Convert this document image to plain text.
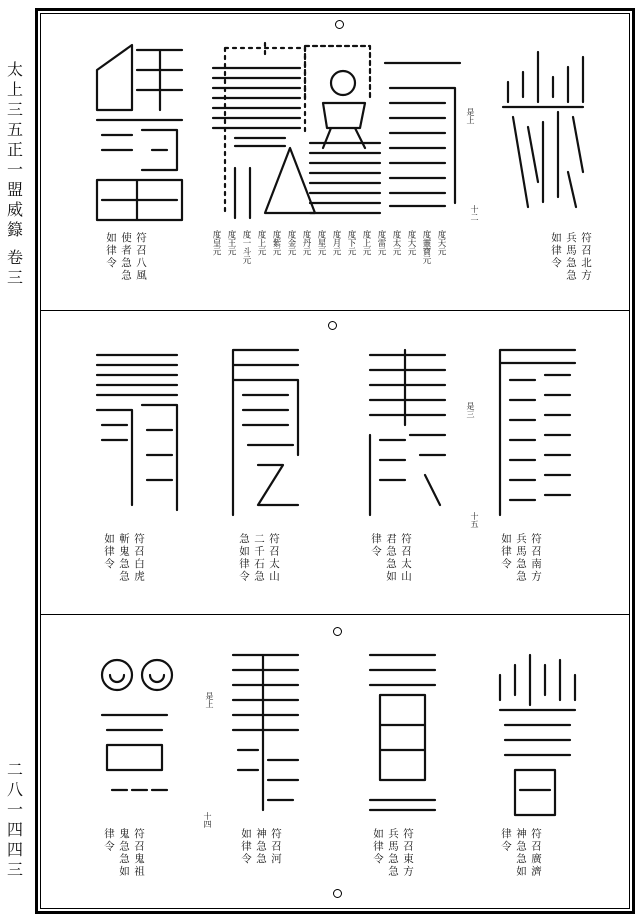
太
上
三
五
正
一
盟
威
籙
卷
三
二
八
一
四
四
三
符召北方
兵馬急急
如律令
度天元
度靈寶元
度大元
度太元
度雷元
度上元
度下元
度月元
度星元
度丹元
度金元
度紫元
度上元
度一斗元
度王元
度皇元
符召八風
使者急急
如律令
是上
十二
符召南方
兵馬急急
如律令
符召太山
君急急如
律令
符召太山
二千石急
急如律令
符召白虎
斬鬼急急
如律令
是三
十五
符召廣濟
神急急如
律令
符召東方
兵馬急急
如律令
符召河
神急急
如律令
符召鬼祖
鬼急急如
律令
是上
十四
